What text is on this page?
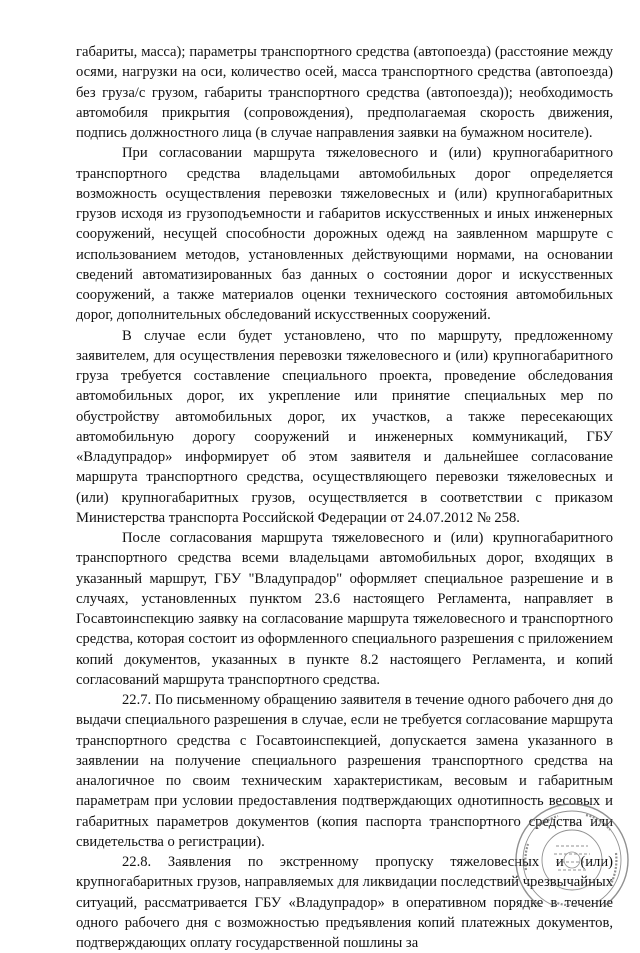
габариты, масса); параметры транспортного средства (автопоезда) (расстояние между осями, нагрузки на оси, количество осей, масса транспортного средства (автопоезда) без груза/с грузом, габариты транспортного средства (автопоезда)); необходимость автомобиля прикрытия (сопровождения), предполагаемая скорость движения, подпись должностного лица (в случае направления заявки на бумажном носителе).

При согласовании маршрута тяжеловесного и (или) крупногабаритного транспортного средства владельцами автомобильных дорог определяется возможность осуществления перевозки тяжеловесных и (или) крупногабаритных грузов исходя из грузоподъемности и габаритов искусственных и иных инженерных сооружений, несущей способности дорожных одежд на заявленном маршруте с использованием методов, установленных действующими нормами, на основании сведений автоматизированных баз данных о состоянии дорог и искусственных сооружений, а также материалов оценки технического состояния автомобильных дорог, дополнительных обследований искусственных сооружений.

В случае если будет установлено, что по маршруту, предложенному заявителем, для осуществления перевозки тяжеловесного и (или) крупногабаритного груза требуется составление специального проекта, проведение обследования автомобильных дорог, их укрепление или принятие специальных мер по обустройству автомобильных дорог, их участков, а также пересекающих автомобильную дорогу сооружений и инженерных коммуникаций, ГБУ «Владупрадор» информирует об этом заявителя и дальнейшее согласование маршрута транспортного средства, осуществляющего перевозки тяжеловесных и (или) крупногабаритных грузов, осуществляется в соответствии с приказом Министерства транспорта Российской Федерации от 24.07.2012 № 258.

После согласования маршрута тяжеловесного и (или) крупногабаритного транспортного средства всеми владельцами автомобильных дорог, входящих в указанный маршрут, ГБУ "Владупрадор" оформляет специальное разрешение и в случаях, установленных пунктом 23.6 настоящего Регламента, направляет в Госавтоинспекцию заявку на согласование маршрута тяжеловесного и транспортного средства, которая состоит из оформленного специального разрешения с приложением копий документов, указанных в пункте 8.2 настоящего Регламента, и копий согласований маршрута транспортного средства.

22.7. По письменному обращению заявителя в течение одного рабочего дня до выдачи специального разрешения в случае, если не требуется согласование маршрута транспортного средства с Госавтоинспекцией, допускается замена указанного в заявлении на получение специального разрешения транспортного средства на аналогичное по своим техническим характеристикам, весовым и габаритным параметрам при условии предоставления подтверждающих однотипность весовых и габаритных параметров документов (копия паспорта транспортного средства или свидетельства о регистрации).

22.8. Заявления по экстренному пропуску тяжеловесных и (или) крупногабаритных грузов, направляемых для ликвидации последствий чрезвычайных ситуаций, рассматривается ГБУ «Владупрадор» в оперативном порядке в течение одного рабочего дня с возможностью предъявления копий платежных документов, подтверждающих оплату государственной пошлины за
